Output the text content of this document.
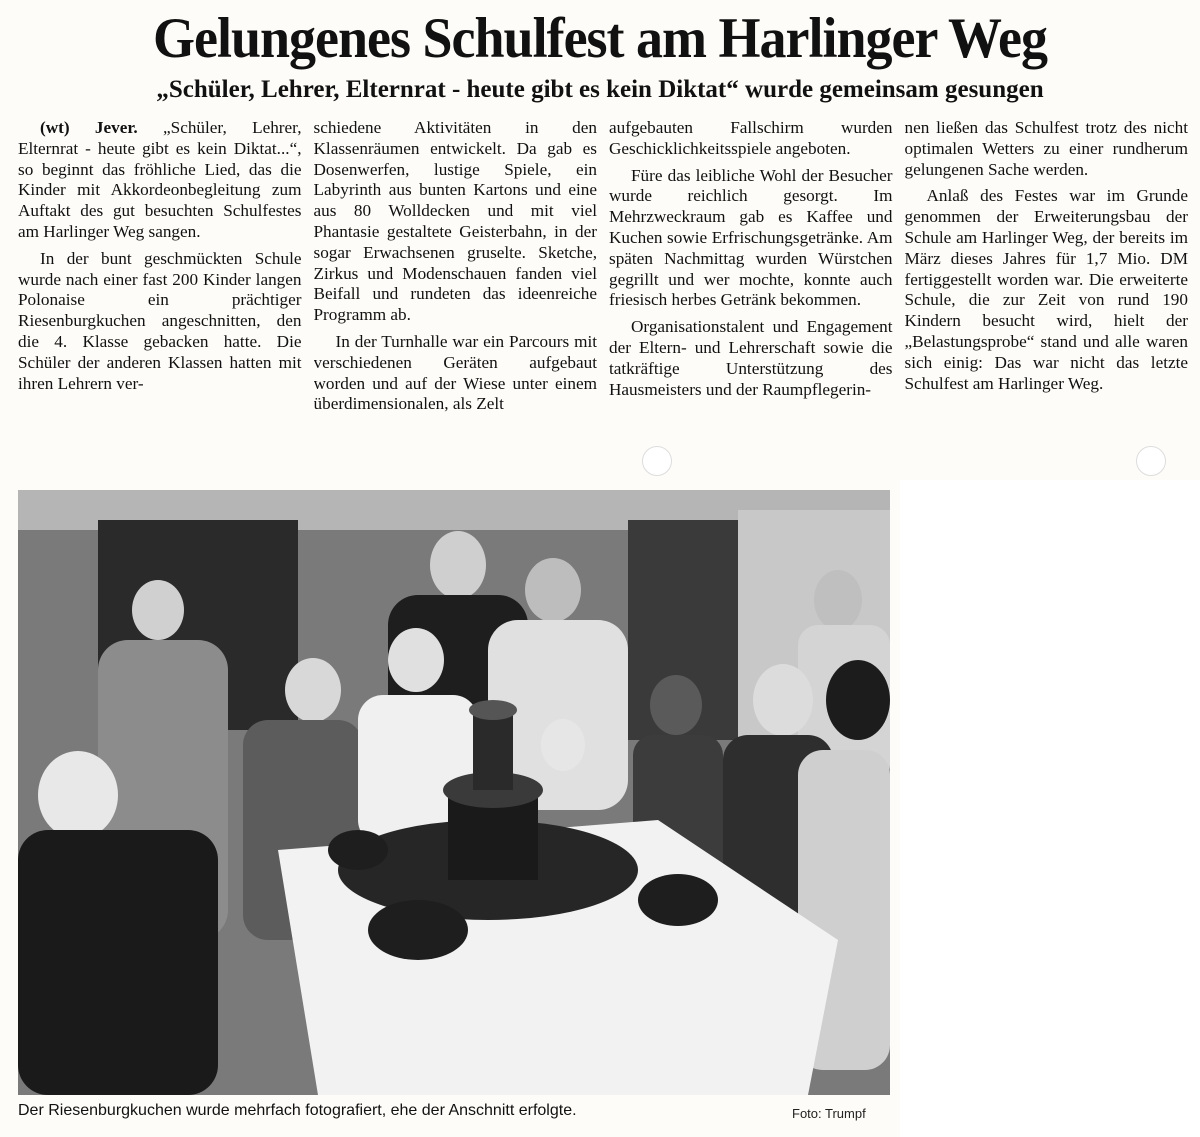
Gelungenes Schulfest am Harlinger Weg
„Schüler, Lehrer, Elternrat - heute gibt es kein Diktat“ wurde gemeinsam gesungen

(wt) Jever. „Schüler, Lehrer, Elternrat - heute gibt es kein Diktat...“, so beginnt das fröhliche Lied, das die Kinder mit Akkordeonbegleitung zum Auftakt des gut besuchten Schulfestes am Harlinger Weg sangen.

In der bunt geschmückten Schule wurde nach einer fast 200 Kinder langen Polonaise ein prächtiger Riesenburgkuchen angeschnitten, den die 4. Klasse gebacken hatte. Die Schüler der anderen Klassen hatten mit ihren Lehrern ver-

schiedene Aktivitäten in den Klassenräumen entwickelt. Da gab es Dosenwerfen, lustige Spiele, ein Labyrinth aus bunten Kartons und eine aus 80 Wolldecken und mit viel Phantasie gestaltete Geisterbahn, in der sogar Erwachsenen gruselte. Sketche, Zirkus und Modenschauen fanden viel Beifall und rundeten das ideenreiche Programm ab.

In der Turnhalle war ein Parcours mit verschiedenen Geräten aufgebaut worden und auf der Wiese unter einem überdimensionalen, als Zelt

aufgebauten Fallschirm wurden Geschicklichkeitsspiele angeboten.

Füre das leibliche Wohl der Besucher wurde reichlich gesorgt. Im Mehrzweckraum gab es Kaffee und Kuchen sowie Erfrischungsgetränke. Am späten Nachmittag wurden Würstchen gegrillt und wer mochte, konnte auch friesisch herbes Getränk bekommen.

Organisationstalent und Engagement der Eltern- und Lehrerschaft sowie die tatkräftige Unterstützung des Hausmeisters und der Raumpflegerin-

nen ließen das Schulfest trotz des nicht optimalen Wetters zu einer rundherum gelungenen Sache werden.

Anlaß des Festes war im Grunde genommen der Erweiterungsbau der Schule am Harlinger Weg, der bereits im März dieses Jahres für 1,7 Mio. DM fertiggestellt worden war. Die erweiterte Schule, die zur Zeit von rund 190 Kindern besucht wird, hielt der „Belastungsprobe“ stand und alle waren sich einig: Das war nicht das letzte Schulfest am Harlinger Weg.

Der Riesenburgkuchen wurde mehrfach fotografiert, ehe der Anschnitt erfolgte.	Foto: Trumpf
